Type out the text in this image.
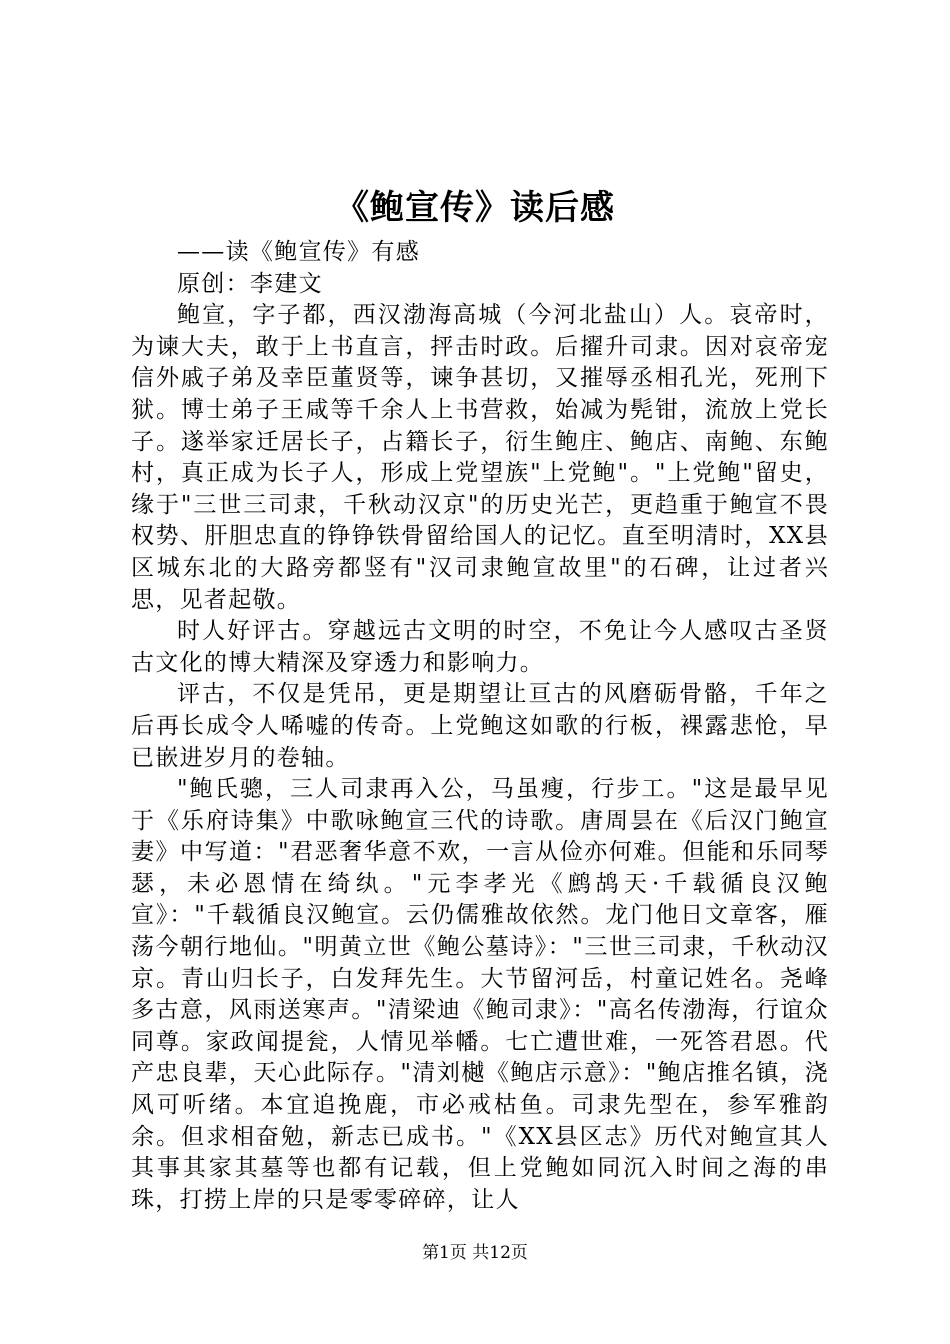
《鲍宣传》读后感

——读《鲍宣传》有感

原创：李建文

鲍宣，字子都，西汉渤海高城（今河北盐山）人。哀帝时，为谏大夫，敢于上书直言，抨击时政。后擢升司隶。因对哀帝宠信外戚子弟及幸臣董贤等，谏争甚切，又摧辱丞相孔光，死刑下狱。博士弟子王咸等千余人上书营救，始减为髡钳，流放上党长子。遂举家迁居长子，占籍长子，衍生鲍庄、鲍店、南鲍、东鲍村，真正成为长子人，形成上党望族"上党鲍"。"上党鲍"留史，缘于"三世三司隶，千秋动汉京"的历史光芒，更趋重于鲍宣不畏权势、肝胆忠直的铮铮铁骨留给国人的记忆。直至明清时，XX县区城东北的大路旁都竖有"汉司隶鲍宣故里"的石碑，让过者兴思，见者起敬。

时人好评古。穿越远古文明的时空，不免让今人感叹古圣贤古文化的博大精深及穿透力和影响力。

评古，不仅是凭吊，更是期望让亘古的风磨砺骨骼，千年之后再长成令人唏嘘的传奇。上党鲍这如歌的行板，裸露悲怆，早已嵌进岁月的卷轴。

"鲍氏骢，三人司隶再入公，马虽瘦，行步工。"这是最早见于《乐府诗集》中歌咏鲍宣三代的诗歌。唐周昙在《后汉门鲍宣妻》中写道："君恶奢华意不欢，一言从俭亦何难。但能和乐同琴瑟，未必恩情在绮纨。"元李孝光《鹧鸪天·千载循良汉鲍宣》："千载循良汉鲍宣。云仍儒雅故依然。龙门他日文章客，雁荡今朝行地仙。"明黄立世《鲍公墓诗》："三世三司隶，千秋动汉京。青山归长子，白发拜先生。大节留河岳，村童记姓名。尧峰多古意，风雨送寒声。"清梁迪《鲍司隶》："高名传渤海，行谊众同尊。家政闻提瓮，人情见举幡。七亡遭世难，一死答君恩。代产忠良辈，天心此际存。"清刘樾《鲍店示意》："鲍店推名镇，浇风可听绪。本宜追挽鹿，市必戒枯鱼。司隶先型在，参军雅韵余。但求相奋勉，新志已成书。"《XX县区志》历代对鲍宣其人其事其家其墓等也都有记载，但上党鲍如同沉入时间之海的串珠，打捞上岸的只是零零碎碎，让人

第1页 共12页
